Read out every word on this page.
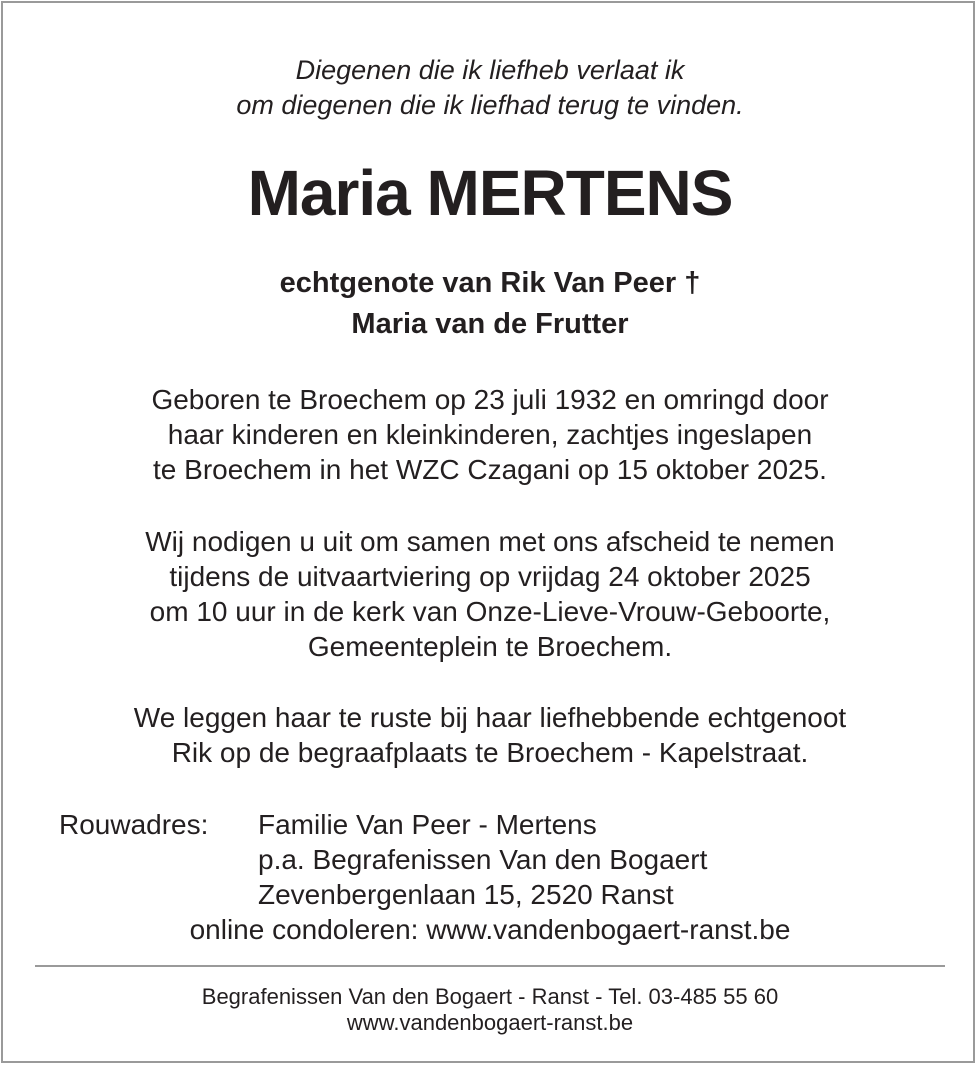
Diegenen die ik liefheb verlaat ik
om diegenen die ik liefhad terug te vinden.
Maria MERTENS
echtgenote van Rik Van Peer †
Maria van de Frutter
Geboren te Broechem op 23 juli 1932 en omringd door
haar kinderen en kleinkinderen, zachtjes ingeslapen
te Broechem in het WZC Czagani op 15 oktober 2025.
Wij nodigen u uit om samen met ons afscheid te nemen
tijdens de uitvaartviering op vrijdag 24 oktober 2025
om 10 uur in de kerk van Onze-Lieve-Vrouw-Geboorte,
Gemeenteplein te Broechem.
We leggen haar te ruste bij haar liefhebbende echtgenoot
Rik op de begraafplaats te Broechem - Kapelstraat.
Rouwadres: Familie Van Peer - Mertens
p.a. Begrafenissen Van den Bogaert
Zevenbergenlaan 15, 2520 Ranst
online condoleren: www.vandenbogaert-ranst.be
Begrafenissen Van den Bogaert - Ranst - Tel. 03-485 55 60
www.vandenbogaert-ranst.be
